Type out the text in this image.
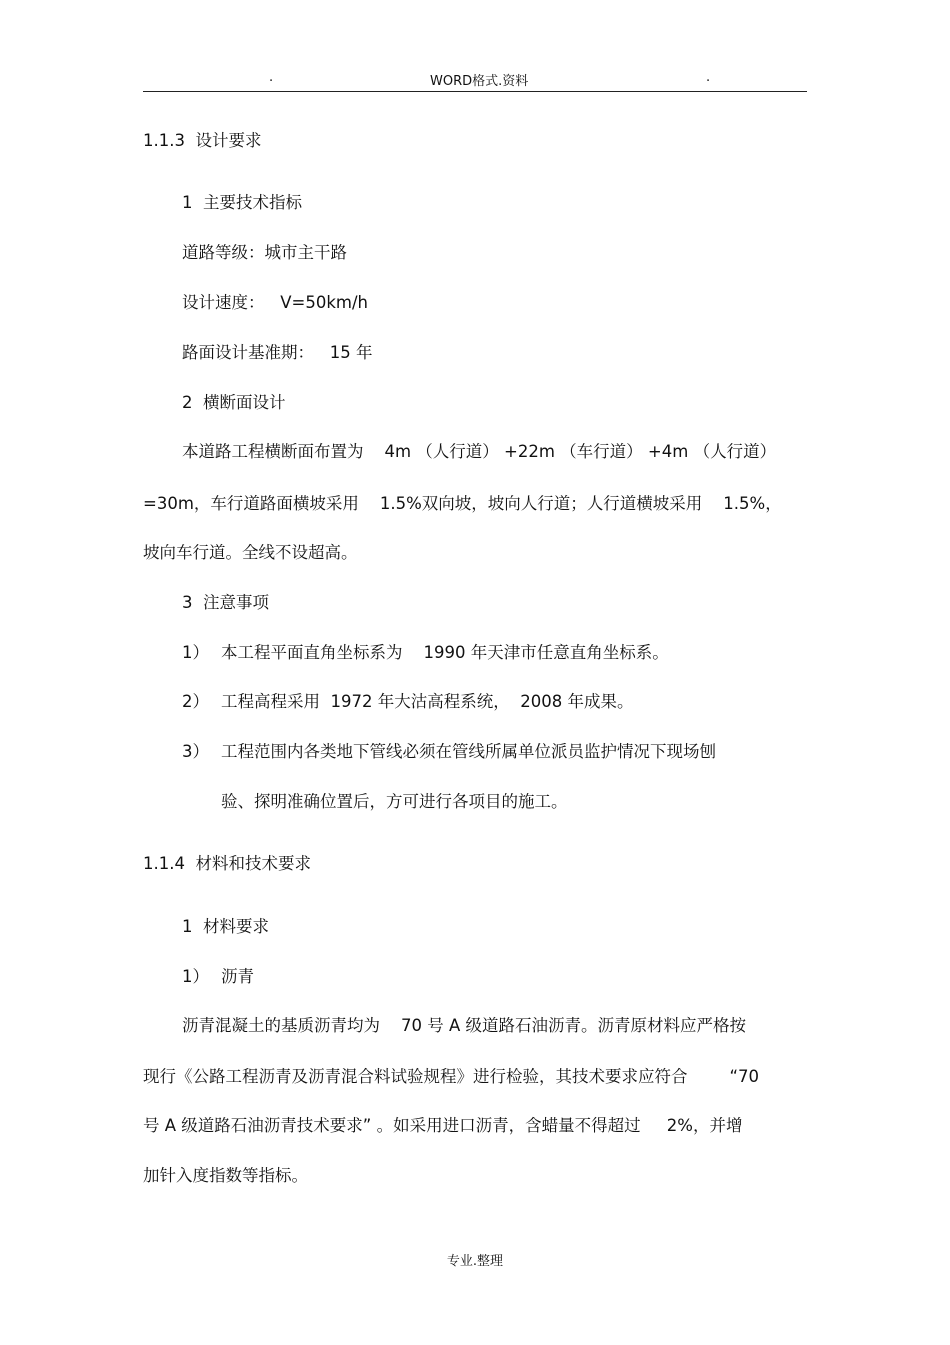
.	WORD格式.资料	.
1.1.3  设计要求
1  主要技术指标
道路等级：城市主干路
设计速度：   V=50km/h
路面设计基准期：   15 年
2  横断面设计
本道路工程横断面布置为    4m （人行道） +22m （车行道） +4m （人行道）
=30m，车行道路面横坡采用    1.5%双向坡，坡向人行道；人行道横坡采用    1.5%，
坡向车行道。全线不设超高。
3  注意事项
1） 本工程平面直角坐标系为    1990 年天津市任意直角坐标系。
2） 工程高程采用  1972 年大沽高程系统，  2008 年成果。
3） 工程范围内各类地下管线必须在管线所属单位派员监护情况下现场刨
验、探明准确位置后，方可进行各项目的施工。
1.1.4  材料和技术要求
1  材料要求
1） 沥青
沥青混凝土的基质沥青均为    70 号 A 级道路石油沥青。沥青原材料应严格按
现行《公路工程沥青及沥青混合料试验规程》进行检验，其技术要求应符合        “70
号 A 级道路石油沥青技术要求” 。如采用进口沥青，含蜡量不得超过     2%，并增
加针入度指数等指标。
专业.整理
